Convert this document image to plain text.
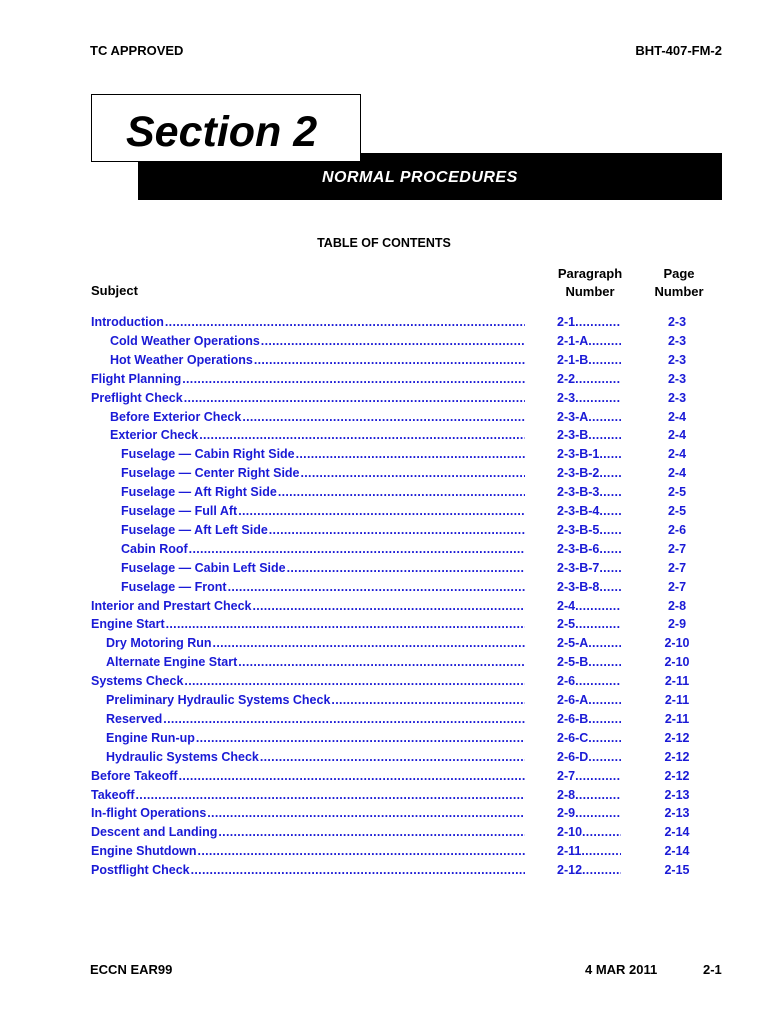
TC APPROVED	BHT-407-FM-2
NORMAL PROCEDURES
Section 2
TABLE OF CONTENTS
Subject
Paragraph
Number
Page
Number
Introduction .....	2-1 .....	2-3
Cold Weather Operations .....	2-1-A .....	2-3
Hot Weather Operations .....	2-1-B .....	2-3
Flight Planning .....	2-2 .....	2-3
Preflight Check .....	2-3 .....	2-3
Before Exterior Check .....	2-3-A .....	2-4
Exterior Check .....	2-3-B .....	2-4
Fuselage — Cabin Right Side .....	2-3-B-1 .....	2-4
Fuselage — Center Right Side .....	2-3-B-2 .....	2-4
Fuselage — Aft Right Side .....	2-3-B-3 .....	2-5
Fuselage — Full Aft .....	2-3-B-4 .....	2-5
Fuselage — Aft Left Side .....	2-3-B-5 .....	2-6
Cabin Roof .....	2-3-B-6 .....	2-7
Fuselage — Cabin Left Side .....	2-3-B-7 .....	2-7
Fuselage — Front .....	2-3-B-8 .....	2-7
Interior and Prestart Check .....	2-4 .....	2-8
Engine Start .....	2-5 .....	2-9
Dry Motoring Run .....	2-5-A .....	2-10
Alternate Engine Start .....	2-5-B .....	2-10
Systems Check .....	2-6 .....	2-11
Preliminary Hydraulic Systems Check .....	2-6-A .....	2-11
Reserved .....	2-6-B .....	2-11
Engine Run-up .....	2-6-C .....	2-12
Hydraulic Systems Check .....	2-6-D .....	2-12
Before Takeoff .....	2-7 .....	2-12
Takeoff .....	2-8 .....	2-13
In-flight Operations .....	2-9 .....	2-13
Descent and Landing .....	2-10 .....	2-14
Engine Shutdown .....	2-11 .....	2-14
Postflight Check .....	2-12 .....	2-15
ECCN EAR99	4 MAR 2011	2-1
